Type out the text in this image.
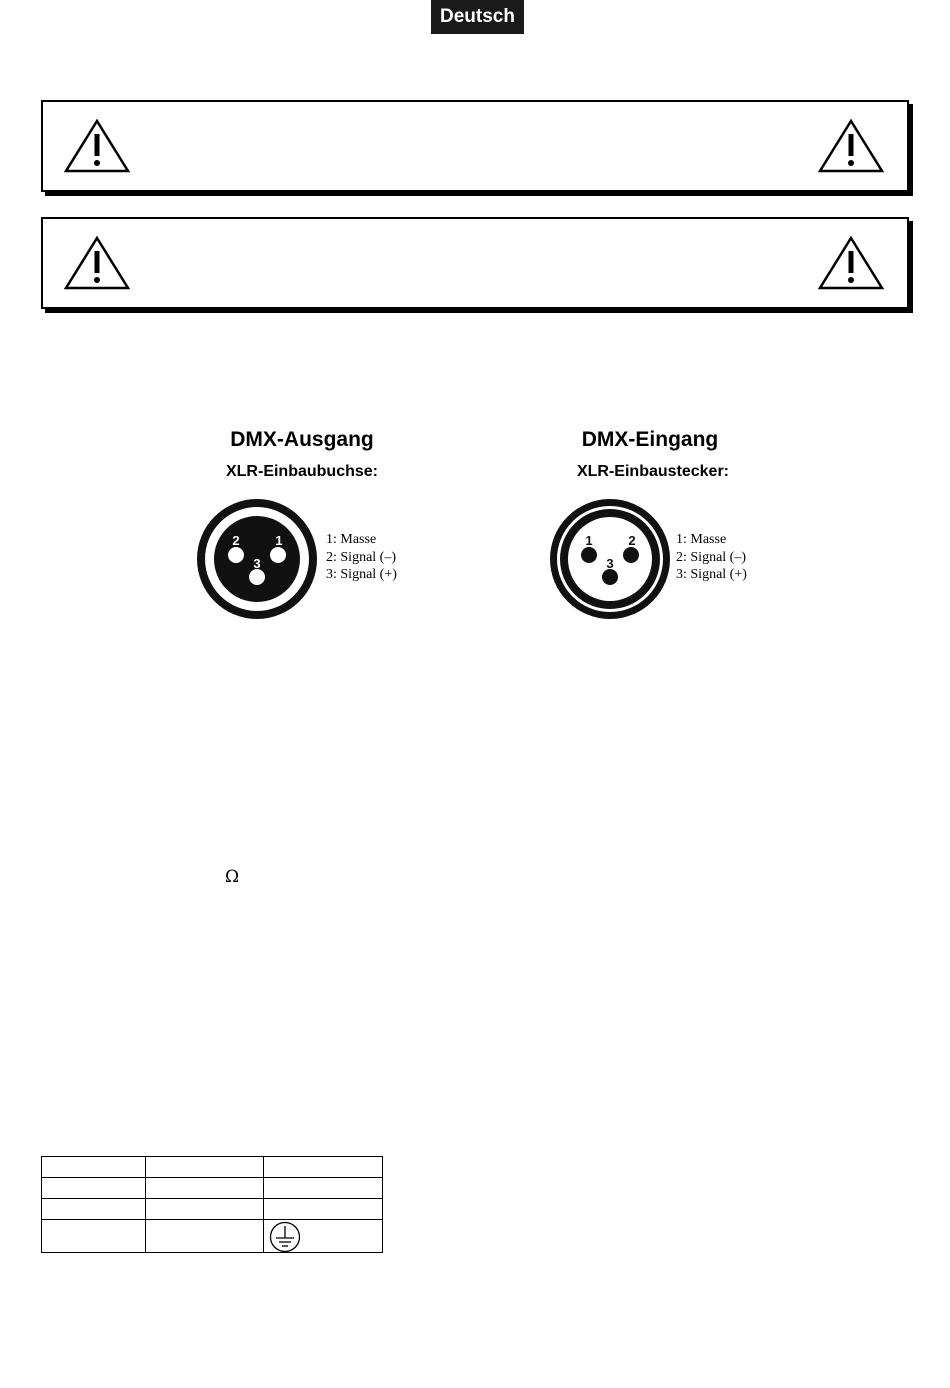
Deutsch
DMX-Ausgang
XLR-Einbaubuchse:
2	1
3
1: Masse
2: Signal (–)
3: Signal (+)
DMX-Eingang
XLR-Einbaustecker:
1	2
3
1: Masse
2: Signal (–)
3: Signal (+)
Ω
